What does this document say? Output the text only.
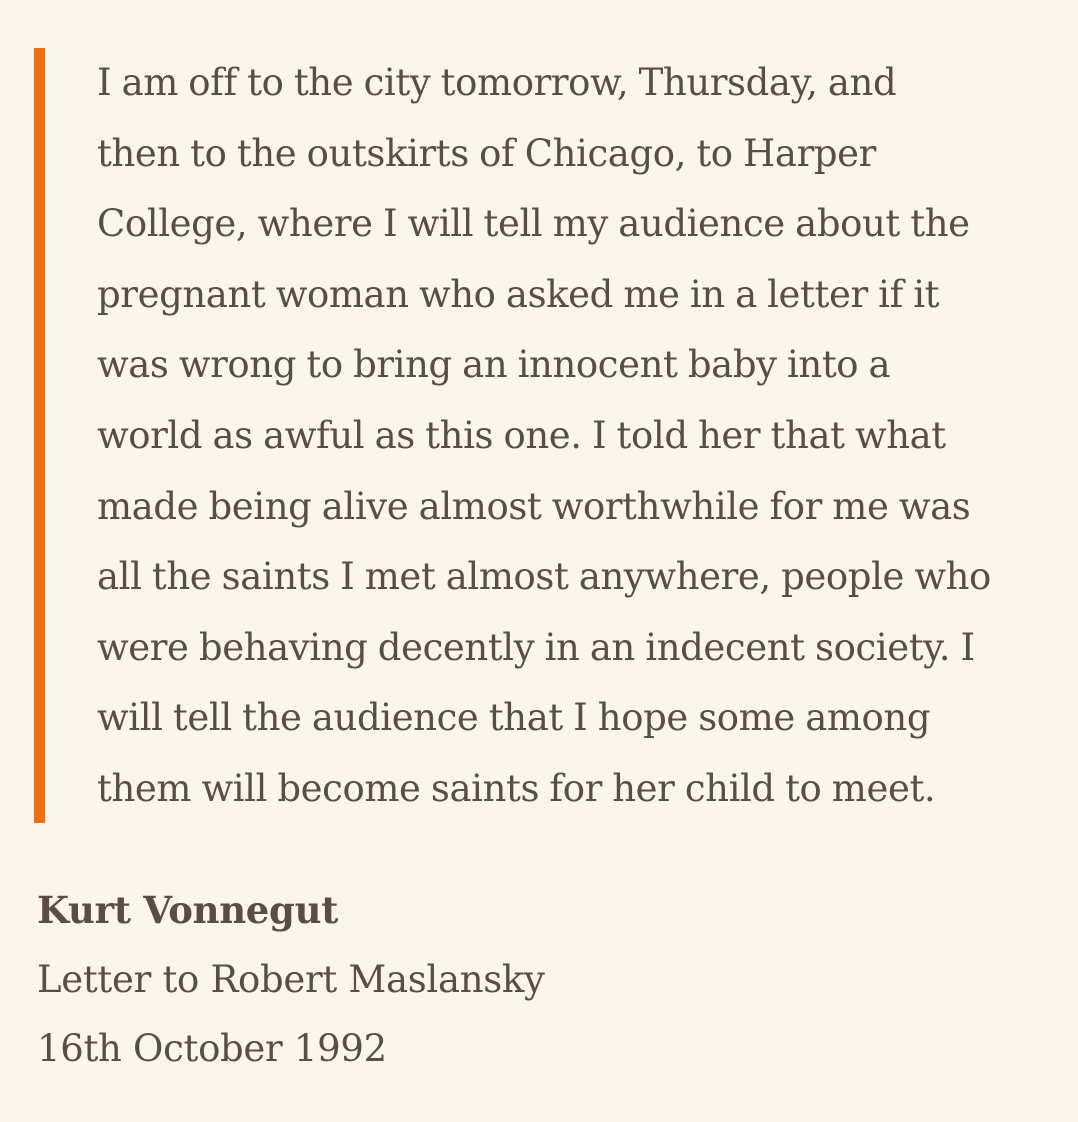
I am off to the city tomorrow, Thursday, and
then to the outskirts of Chicago, to Harper
College, where I will tell my audience about the
pregnant woman who asked me in a letter if it
was wrong to bring an innocent baby into a
world as awful as this one. I told her that what
made being alive almost worthwhile for me was
all the saints I met almost anywhere, people who
were behaving decently in an indecent society. I
will tell the audience that I hope some among
them will become saints for her child to meet.

Kurt Vonnegut
Letter to Robert Maslansky
16th October 1992
